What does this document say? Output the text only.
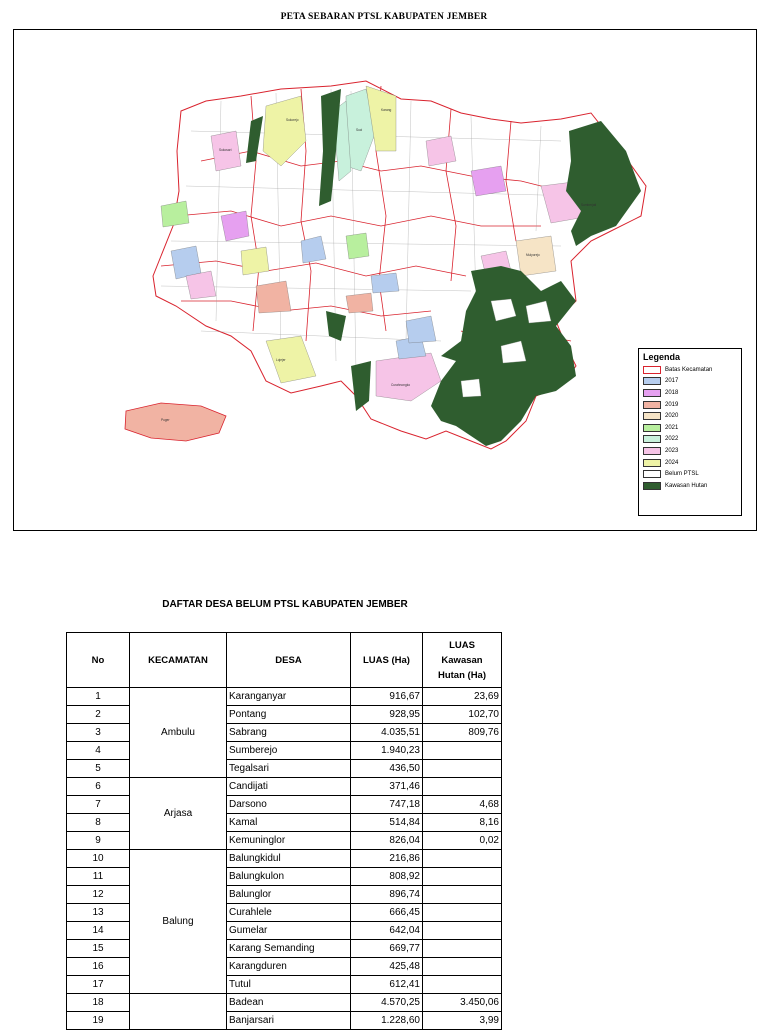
PETA SEBARAN PTSL KABUPATEN JEMBER
Sukorejo
Suci
Karang
Sukosari
Sumberjati
Mulyorejo
Curahnongko
Lojejer
Puger
Legenda
Batas Kecamatan
2017
2018
2019
2020
2021
2022
2023
2024
Belum PTSL
Kawasan Hutan
DAFTAR DESA BELUM PTSL KABUPATEN JEMBER
No	KECAMATAN	DESA	LUAS (Ha)	LUAS
Kawasan
Hutan (Ha)
1	Ambulu	Karanganyar	916,67	23,69
2		Pontang	928,95	102,70
3		Sabrang	4.035,51	809,76
4		Sumberejo	1.940,23	
5		Tegalsari	436,50	
6	Arjasa	Candijati	371,46	
7		Darsono	747,18	4,68
8		Kamal	514,84	8,16
9		Kemuninglor	826,04	0,02
10	Balung	Balungkidul	216,86	
11		Balungkulon	808,92	
12		Balunglor	896,74	
13		Curahlele	666,45	
14		Gumelar	642,04	
15		Karang Semanding	669,77	
16		Karangduren	425,48	
17		Tutul	612,41	
18		Badean	4.570,25	3.450,06
19		Banjarsari	1.228,60	3,99
